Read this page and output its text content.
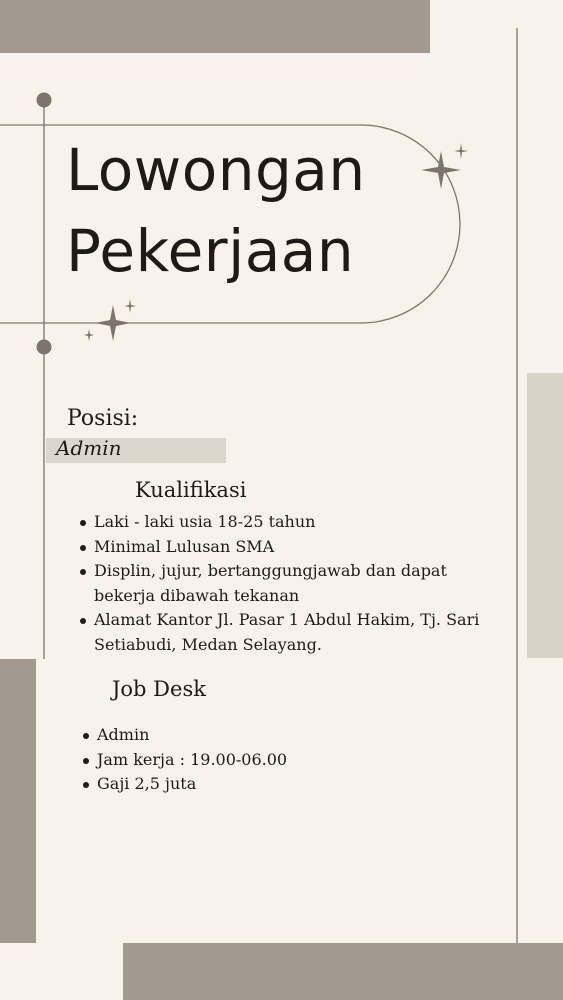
Lowongan
Pekerjaan
Posisi:
Admin
Kualifikasi
Laki - laki usia 18-25 tahun
Minimal Lulusan SMA
Displin, jujur, bertanggungjawab dan dapat bekerja dibawah tekanan
Alamat Kantor Jl. Pasar 1 Abdul Hakim, Tj. Sari Setiabudi, Medan Selayang.
Job Desk
Admin
Jam kerja : 19.00-06.00
Gaji 2,5 juta
